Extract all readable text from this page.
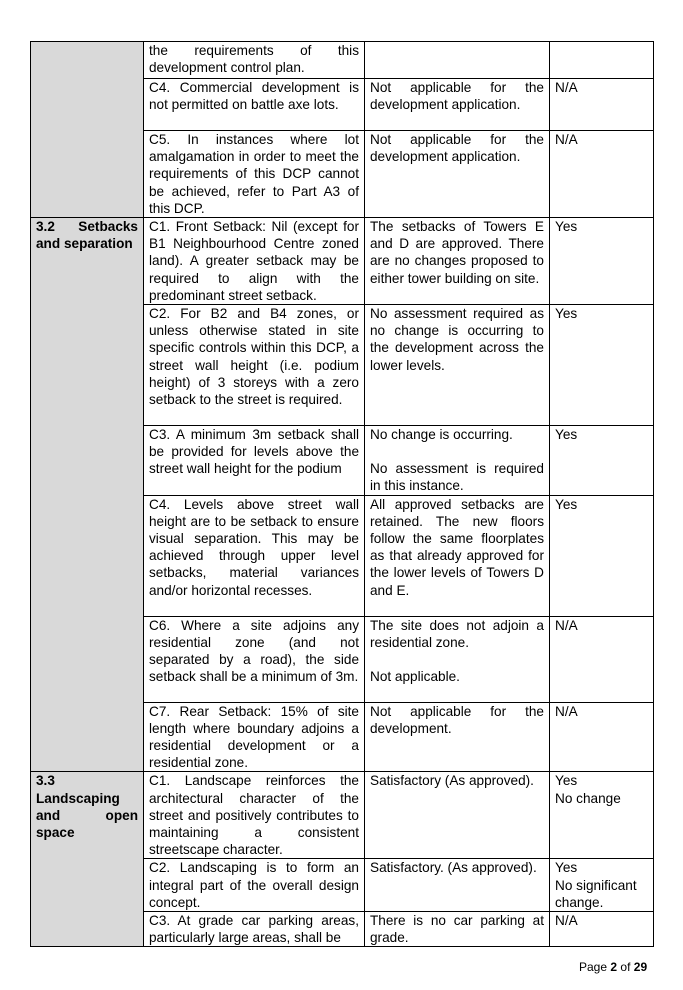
	the requirements of this development control plan.		
	C4. Commercial development is not permitted on battle axe lots.	Not applicable for the development application.	N/A

	C5. In instances where lot amalgamation in order to meet the requirements of this DCP cannot be achieved, refer to Part A3 of this DCP.	Not applicable for the development application.	N/A

3.2 Setbacks and separation	C1. Front Setback: Nil (except for B1 Neighbourhood Centre zoned land). A greater setback may be required to align with the predominant street setback.	The setbacks of Towers E and D are approved. There are no changes proposed to either tower building on site.	Yes

	C2. For B2 and B4 zones, or unless otherwise stated in site specific controls within this DCP, a street wall height (i.e. podium height) of 3 storeys with a zero setback to the street is required.	No assessment required as no change is occurring to the development across the lower levels.	Yes

	C3. A minimum 3m setback shall be provided for levels above the street wall height for the podium	No change is occurring.
No assessment is required in this instance.	Yes

	C4. Levels above street wall height are to be setback to ensure visual separation. This may be achieved through upper level setbacks, material variances and/or horizontal recesses.	All approved setbacks are retained. The new floors follow the same floorplates as that already approved for the lower levels of Towers D and E.	Yes

	C6. Where a site adjoins any residential zone (and not separated by a road), the side setback shall be a minimum of 3m.	The site does not adjoin a residential zone.
Not applicable.	N/A

	C7. Rear Setback: 15% of site length where boundary adjoins a residential development or a residential zone.	Not applicable for the development.	N/A

3.3 Landscaping and open space	C1. Landscape reinforces the architectural character of the street and positively contributes to maintaining a consistent streetscape character.	Satisfactory (As approved).	Yes
No change

	C2. Landscaping is to form an integral part of the overall design concept.	Satisfactory. (As approved).	Yes
No significant change.

	C3. At grade car parking areas, particularly large areas, shall be	There is no car parking at grade.	N/A
Page 2 of 29
